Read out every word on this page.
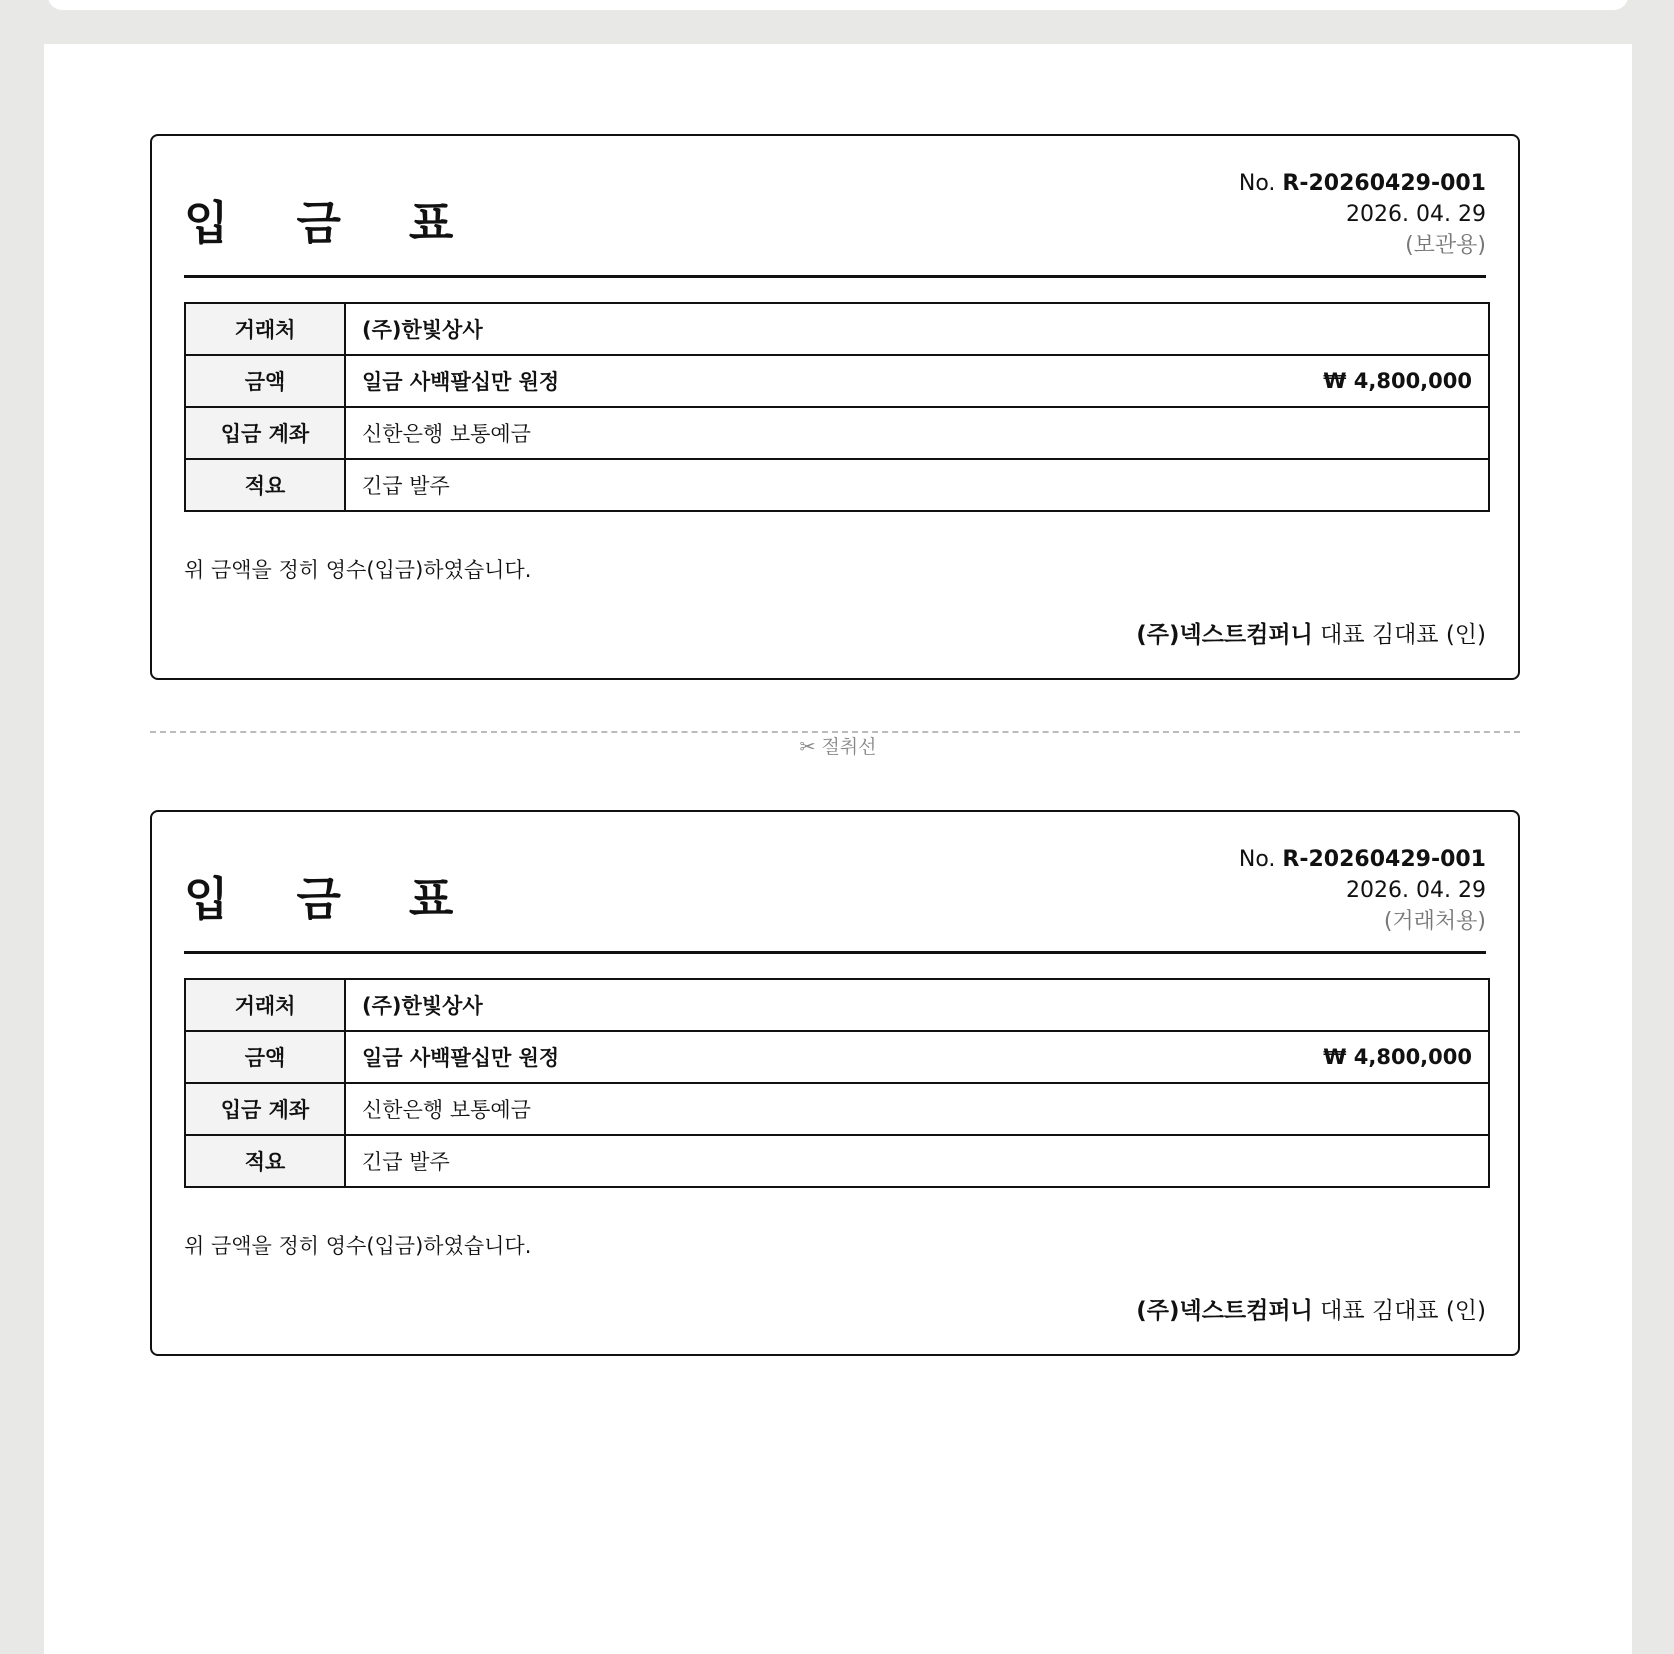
입 금 표
No. R-20260429-001
2026. 04. 29
(보관용)
거래처	(주)한빛상사
금액	일금 사백팔십만 원정 ₩ 4,800,000

입금 계좌	신한은행 보통예금
적요	긴급 발주
위 금액을 정히 영수(입금)하였습니다.
(주)넥스트컴퍼니 대표 김대표 (인)
✂ 절취선
입 금 표
No. R-20260429-001
2026. 04. 29
(거래처용)
거래처	(주)한빛상사
금액	일금 사백팔십만 원정 ₩ 4,800,000

입금 계좌	신한은행 보통예금
적요	긴급 발주
위 금액을 정히 영수(입금)하였습니다.
(주)넥스트컴퍼니 대표 김대표 (인)
